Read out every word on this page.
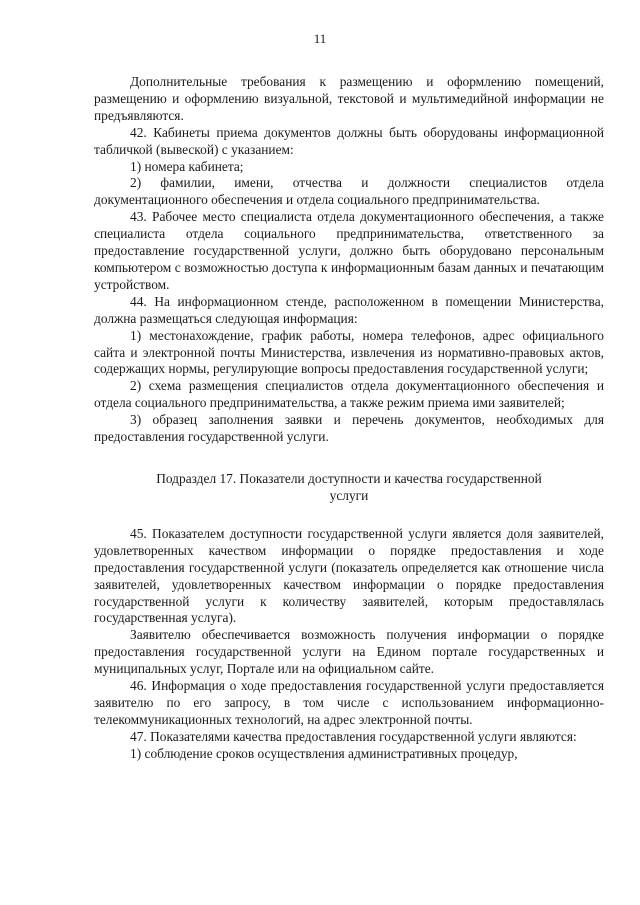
11

Дополнительные требования к размещению и оформлению помещений, размещению и оформлению визуальной, текстовой и мультимедийной информации не предъявляются.

42. Кабинеты приема документов должны быть оборудованы информационной табличкой (вывеской) с указанием:

1) номера кабинета;

2) фамилии, имени, отчества и должности специалистов отдела документационного обеспечения и отдела социального предпринимательства.

43. Рабочее место специалиста отдела документационного обеспечения, а также специалиста отдела социального предпринимательства, ответственного за предоставление государственной услуги, должно быть оборудовано персональным компьютером с возможностью доступа к информационным базам данных и печатающим устройством.

44. На информационном стенде, расположенном в помещении Министерства, должна размещаться следующая информация:

1) местонахождение, график работы, номера телефонов, адрес официального сайта и электронной почты Министерства, извлечения из нормативно-правовых актов, содержащих нормы, регулирующие вопросы предоставления государственной услуги;

2) схема размещения специалистов отдела документационного обеспечения и отдела социального предпринимательства, а также режим приема ими заявителей;

3) образец заполнения заявки и перечень документов, необходимых для предоставления государственной услуги.

Подраздел 17. Показатели доступности и качества государственной
услуги

45. Показателем доступности государственной услуги является доля заявителей, удовлетворенных качеством информации о порядке предоставления и ходе предоставления государственной услуги (показатель определяется как отношение числа заявителей, удовлетворенных качеством информации о порядке предоставления государственной услуги к количеству заявителей, которым предоставлялась государственная услуга).

Заявителю обеспечивается возможность получения информации о порядке предоставления государственной услуги на Едином портале государственных и муниципальных услуг, Портале или на официальном сайте.

46. Информация о ходе предоставления государственной услуги предоставляется заявителю по его запросу, в том числе с использованием информационно-телекоммуникационных технологий, на адрес электронной почты.

47. Показателями качества предоставления государственной услуги являются:

1) соблюдение сроков осуществления административных процедур,
